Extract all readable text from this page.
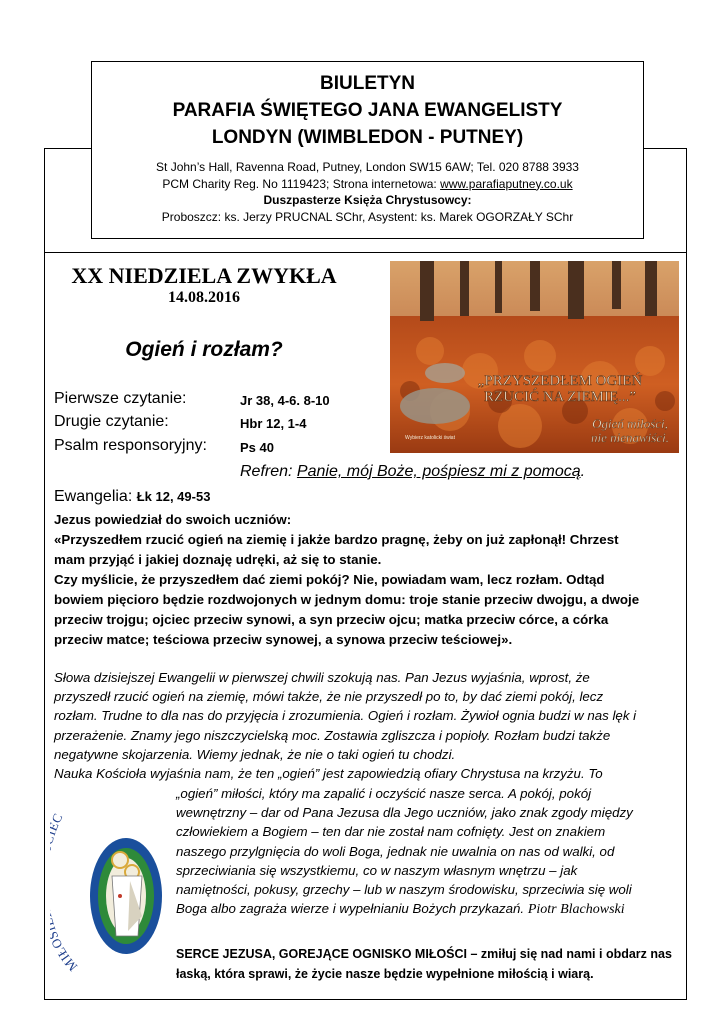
BIULETYN
PARAFIA ŚWIĘTEGO JANA EWANGELISTY
LONDYN (WIMBLEDON - PUTNEY)
St John’s Hall, Ravenna Road, Putney, London SW15 6AW; Tel. 020 8788 3933
PCM Charity Reg. No 1119423; Strona internetowa: www.parafiaputney.co.uk
Duszpasterze Księża Chrystusowcy:
Proboszcz: ks. Jerzy PRUCNAL SChr, Asystent: ks. Marek OGORZAŁY SChr
XX NIEDZIELA ZWYKŁA
14.08.2016
Ogień i rozłam?
Pierwsze czytanie:	Jr 38, 4-6. 8-10
Drugie czytanie:	Hbr 12, 1-4
Psalm responsoryjny:	Ps 40
Refren: Panie, mój Boże, pośpiesz mi z pomocą.
Ewangelia: Łk 12, 49-53
Jezus powiedział do swoich uczniów:
«Przyszedłem rzucić ogień na ziemię i jakże bardzo pragnę, żeby on już zapłonął! Chrzest
mam przyjąć i jakiej doznaję udręki, aż się to stanie.
Czy myślicie, że przyszedłem dać ziemi pokój? Nie, powiadam wam, lecz rozłam. Odtąd
bowiem pięcioro będzie rozdwojonych w jednym domu: troje stanie przeciw dwojgu, a dwoje
przeciw trojgu; ojciec przeciw synowi, a syn przeciw ojcu; matka przeciw córce, a córka
przeciw matce; teściowa przeciw synowej, a synowa przeciw teściowej».
Słowa dzisiejszej Ewangelii w pierwszej chwili szokują nas. Pan Jezus wyjaśnia, wprost, że
przyszedł rzucić ogień na ziemię, mówi także, że nie przyszedł po to, by dać ziemi pokój, lecz
rozłam. Trudne to dla nas do przyjęcia i zrozumienia. Ogień i rozłam. Żywioł ognia budzi w nas lęk i
przerażenie. Znamy jego niszczycielską moc. Zostawia zgliszcza i popioły. Rozłam budzi także
negatywne skojarzenia. Wiemy jednak, że nie o taki ogień tu chodzi.
Nauka Kościoła wyjaśnia nam, że ten „ogień” jest zapowiedzią ofiary Chrystusa na krzyżu. To
„ogień” miłości, który ma zapalić i oczyścić nasze serca. A pokój, pokój
wewnętrzny – dar od Pana Jezusa dla Jego uczniów, jako znak zgody między
człowiekiem a Bogiem – ten dar nie został nam cofnięty. Jest on znakiem
naszego przylgnięcia do woli Boga, jednak nie uwalnia on nas od walki, od
sprzeciwiania się wszystkiemu, co w naszym własnym wnętrzu – jak
namiętności, pokusy, grzechy – lub w naszym środowisku, sprzeciwia się woli
Boga albo zagraża wierze i wypełnianiu Bożych przykazań. Piotr Blachowski
SERCE JEZUSA, GOREJĄCE OGNISKO MIŁOŚCI – zmiłuj się nad nami i obdarz nas
łaską, która sprawi, że życie nasze będzie wypełnione miłością i wiarą.
„PRZYSZEDŁEM OGIEŃ
RZUCIĆ NA ZIEMIĘ...”
Ogień miłości,
nie nienawiści.
Wybierz katolicki świat
MIŁ
